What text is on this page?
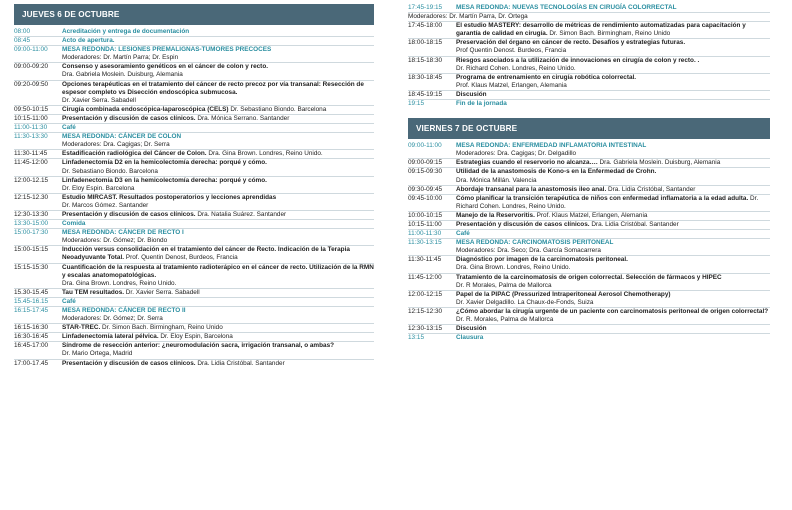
JUEVES 6 DE OCTUBRE
08:00	Acreditación y entrega de documentación
08:45	Acto de apertura.
09:00-11:00	MESA REDONDA: LESIONES PREMALIGNAS-TUMORES PRECOCES
Moderadores: Dr. Martín Parra; Dr. Espin
09:00-09:20	Consenso y asesoramiento genéticos en el cáncer de colon y recto.
Dra. Gabriela Moslein. Duisburg, Alemania
09:20-09:50	Opciones terapéuticas en el tratamiento del cáncer de recto precoz por vía transanal: Resección de espesor completo vs Disección endoscópica submucosa.
Dr. Xavier Serra. Sabadell
09:50-10:15	Cirugía combinada endoscópica-laparoscópica (CELS) Dr. Sebastiano Biondo. Barcelona
10:15-11:00	Presentación y discusión de casos clínicos. Dra. Mónica Serrano. Santander
11:00-11:30	Café
11:30-13:30	MESA REDONDA: CÁNCER DE COLON
Moderadores: Dra. Cagigas; Dr. Serra
11:30-11:45	Estadificación radiológica del Cáncer de Colon. Dra. Gina Brown. Londres, Reino Unido.
11:45-12:00	Linfadenectomía D2 en la hemicolectomía derecha: porqué y cómo.
Dr. Sebastiano Biondo. Barcelona
12:00-12.15	Linfadenectomía D3 en la hemicolectomía derecha: porqué y cómo.
Dr. Eloy Espin. Barcelona
12:15-12.30	Estudio MIRCAST. Resultados postoperatorios y lecciones aprendidas
Dr. Marcos Gómez. Santander
12:30-13:30	Presentación y discusión de casos clínicos. Dra. Natalia Suárez. Santander
13:30-15:00	Comida
15:00-17:30	MESA REDONDA: CÁNCER DE RECTO I
Moderadores: Dr. Gómez; Dr. Biondo
15:00-15:15	Inducción versus consolidación en el tratamiento del cáncer de Recto. Indicación de la Terapia Neoadyuvante Total. Prof. Quentin Denost, Burdeos, Francia
15:15-15:30	Cuantificación de la respuesta al tratamiento radioterápico en el cáncer de recto. Utilización de la RMN y escalas anatomopatológicas.
Dra. Gina Brown. Londres, Reino Unido.
15.30-15.45	Tau TEM resultados. Dr. Xavier Serra. Sabadell
15.45-16.15	Café
16:15-17:45	MESA REDONDA: CÁNCER DE RECTO II
Moderadores: Dr. Gómez; Dr. Serra
16:15-16:30	STAR-TREC. Dr. Simon Bach. Birmingham, Reino Unido
16:30-16:45	Linfadenectomía lateral pélvica. Dr. Eloy Espin, Barcelona
16:45-17:00	Síndrome de resección anterior: ¿neuromodulación sacra, irrigación transanal, o ambas?
Dr. Mario Ortega, Madrid
17:00-17.45	Presentación y discusión de casos clínicos. Dra. Lidia Cristóbal. Santander
17:45-19:15	MESA REDONDA: NUEVAS TECNOLOGÍAS EN CIRUGÍA COLORRECTAL
Moderadores: Dr. Martín Parra, Dr. Ortega
17:45-18:00	El estudio MASTERY: desarrollo de métricas de rendimiento automatizadas para capacitación y garantía de calidad en cirugía. Dr. Simon Bach. Birmingham, Reino Unido
18:00-18:15	Preservación del órgano en cáncer de recto. Desafíos y estrategias futuras.
Prof Quentin Denost. Burdeos, Francia
18:15-18:30	Riesgos asociados a la utilización de innovaciones en cirugía de colon y recto. .
Dr. Richard Cohen. Londres, Reino Unido.
18:30-18:45	Programa de entrenamiento en cirugía robótica colorrectal.
Prof. Klaus Matzel, Erlangen, Alemania
18:45-19:15	Discusión
19:15	Fin de la jornada
VIERNES 7 DE OCTUBRE
09:00-11:00	MESA REDONDA: ENFERMEDAD INFLAMATORIA INTESTINAL
Moderadores: Dra. Cagigas; Dr. Delgadillo
09:00-09:15	Estrategias cuando el reservorio no alcanza…. Dra. Gabriela Moslein. Duisburg, Alemania
09:15-09:30	Utilidad de la anastomosis de Kono-s en la Enfermedad de Crohn.
Dra. Mónica Millán. Valencia
09:30-09:45	Abordaje transanal para la anastomosis ileo anal. Dra. Lidia Cristóbal, Santander
09:45-10:00	Cómo planificar la transición terapéutica de niños con enfermedad inflamatoria a la edad adulta. Dr. Richard Cohen. Londres, Reino Unido.
10:00-10:15	Manejo de la Reservoritis. Prof. Klaus Matzel, Erlangen, Alemania
10:15-11:00	Presentación y discusión de casos clínicos. Dra. Lidia Cristóbal. Santander
11:00-11:30	Café
11:30-13:15	MESA REDONDA: CARCINOMATOSIS PERITONEAL
Moderadores: Dra. Seco; Dra. García Somacarrera
11:30-11:45	Diagnóstico por imagen de la carcinomatosis peritoneal.
Dra. Gina Brown. Londres, Reino Unido.
11:45-12:00	Tratamiento de la carcinomatosis de origen colorrectal. Selección de fármacos y HIPEC
Dr. R Morales, Palma de Mallorca
12:00-12:15	Papel de la PIPAC (Pressurized Intraperitoneal Aerosol Chemotherapy)
Dr. Xavier Delgadillo. La Chaux-de-Fonds, Suiza
12:15-12:30	¿Cómo abordar la cirugía urgente de un paciente con carcinomatosis peritoneal de origen colorrectal? Dr. R. Morales, Palma de Mallorca
12:30-13:15	Discusión
13:15	Clausura
